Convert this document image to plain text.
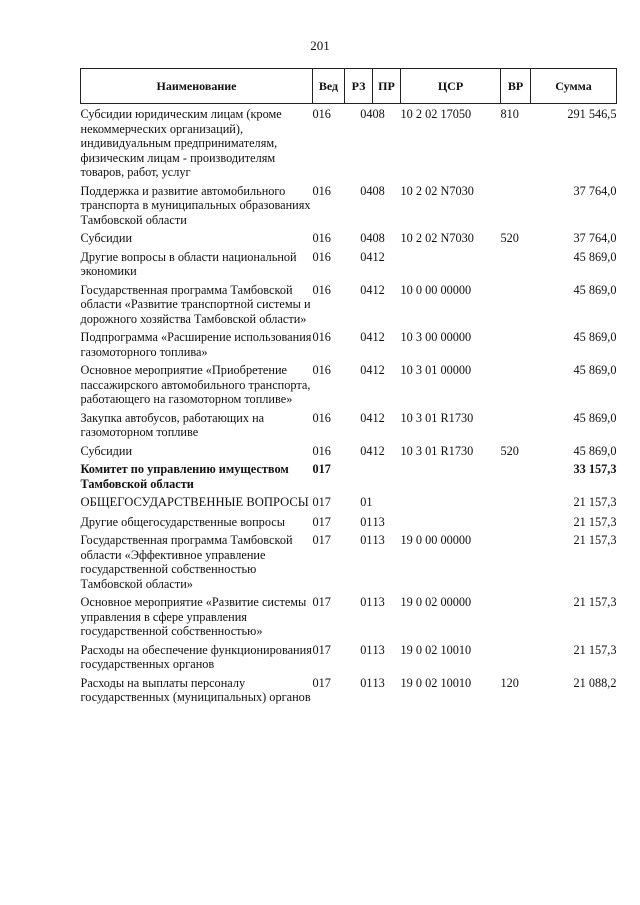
201
Наименование	Вед	РЗ	ПР	ЦСР	ВР	Сумма
Субсидии юридическим лицам (кроме некоммерческих организаций), индивидуальным предпринимателям, физическим лицам - производителям товаров, работ, услуг	016	04	08	10 2 02 17050	810	291 546,5
Поддержка и развитие автомобильного транспорта в муниципальных образованиях Тамбовской области	016	04	08	10 2 02 N7030		37 764,0
Субсидии	016	04	08	10 2 02 N7030	520	37 764,0
Другие вопросы в области национальной экономики	016	04	12			45 869,0
Государственная программа Тамбовской области «Развитие транспортной системы и дорожного хозяйства Тамбовской области»	016	04	12	10 0 00 00000		45 869,0
Подпрограмма «Расширение использования газомоторного топлива»	016	04	12	10 3 00 00000		45 869,0
Основное мероприятие «Приобретение пассажирского автомобильного транспорта, работающего на газомоторном топливе»	016	04	12	10 3 01 00000		45 869,0
Закупка автобусов, работающих на газомоторном топливе	016	04	12	10 3 01 R1730		45 869,0
Субсидии	016	04	12	10 3 01 R1730	520	45 869,0
Комитет по управлению имуществом Тамбовской области	017					33 157,3
ОБЩЕГОСУДАРСТВЕННЫЕ ВОПРОСЫ	017	01				21 157,3
Другие общегосударственные вопросы	017	01	13			21 157,3
Государственная программа Тамбовской области «Эффективное управление государственной собственностью Тамбовской области»	017	01	13	19 0 00 00000		21 157,3
Основное мероприятие «Развитие системы управления в сфере управления государственной собственностью»	017	01	13	19 0 02 00000		21 157,3
Расходы на обеспечение функционирования государственных органов	017	01	13	19 0 02 10010		21 157,3
Расходы на выплаты персоналу государственных (муниципальных) органов	017	01	13	19 0 02 10010	120	21 088,2
